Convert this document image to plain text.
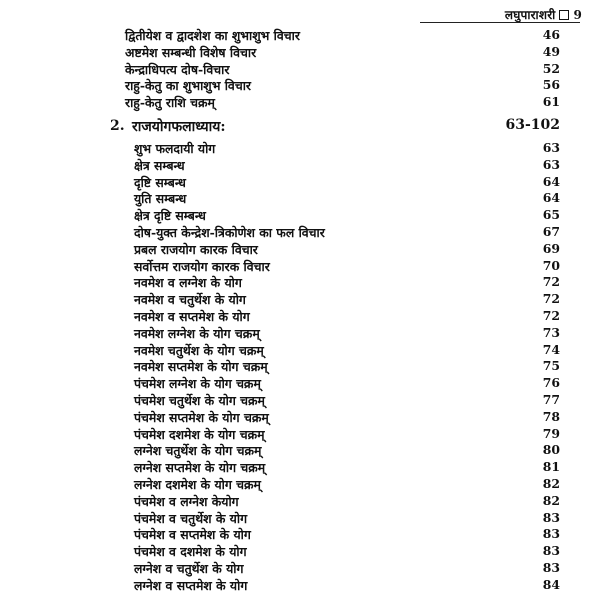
लघुपाराशरी 9
द्वितीयेश व द्वादशेश का शुभाशुभ विचार	46
अष्टमेश सम्बन्धी विशेष विचार	49
केन्द्राधिपत्य दोष-विचार	52
राहु-केतु का शुभाशुभ विचार	56
राहु-केतु राशि चक्रम्	61
2. राजयोगफलाध्याय:	63-102
शुभ फलदायी योग	63
क्षेत्र सम्बन्ध	63
दृष्टि सम्बन्ध	64
युति सम्बन्ध	64
क्षेत्र दृष्टि सम्बन्ध	65
दोष-युक्त केन्द्रेश-त्रिकोणेश का फल विचार	67
प्रबल राजयोग कारक विचार	69
सर्वोत्तम राजयोग कारक विचार	70
नवमेश व लग्नेश के योग	72
नवमेश व चतुर्थेश के योग	72
नवमेश व सप्तमेश के योग	72
नवमेश लग्नेश के योग चक्रम्	73
नवमेश चतुर्थेश के योग चक्रम्	74
नवमेश सप्तमेश के योग चक्रम्	75
पंचमेश लग्नेश के योग चक्रम्	76
पंचमेश चतुर्थेश के योग चक्रम्	77
पंचमेश सप्तमेश के योग चक्रम्	78
पंचमेश दशमेश के योग चक्रम्	79
लग्नेश चतुर्थेश के योग चक्रम्	80
लग्नेश सप्तमेश के योग चक्रम्	81
लग्नेश दशमेश के योग चक्रम्	82
पंचमेश व लग्नेश केयोग	82
पंचमेश व चतुर्थेश के योग	83
पंचमेश व सप्तमेश के योग	83
पंचमेश व दशमेश के योग	83
लग्नेश व चतुर्थेश के योग	83
लग्नेश व सप्तमेश के योग	84
